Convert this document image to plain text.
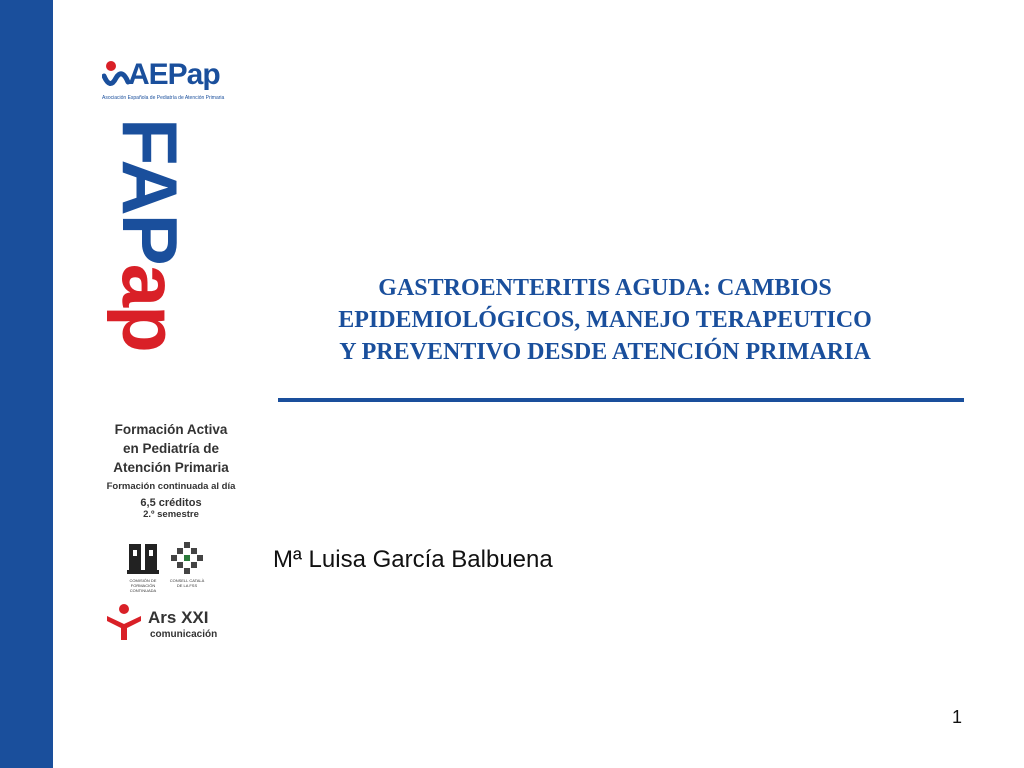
AEPap
Asociación Española de Pediatría de Atención Primaria
FAPap
Formación Activa
en Pediatría de
Atención Primaria
Formación continuada al día
6,5 créditos
2.º semestre
COMISIÓN DE FORMACIÓN CONTINUADA
CONSELL CATALÀ DE LA FSS
Ars XXI
comunicación
GASTROENTERITIS AGUDA: CAMBIOS
EPIDEMIOLÓGICOS, MANEJO TERAPEUTICO
Y PREVENTIVO DESDE ATENCIÓN PRIMARIA
Mª Luisa García Balbuena
1
